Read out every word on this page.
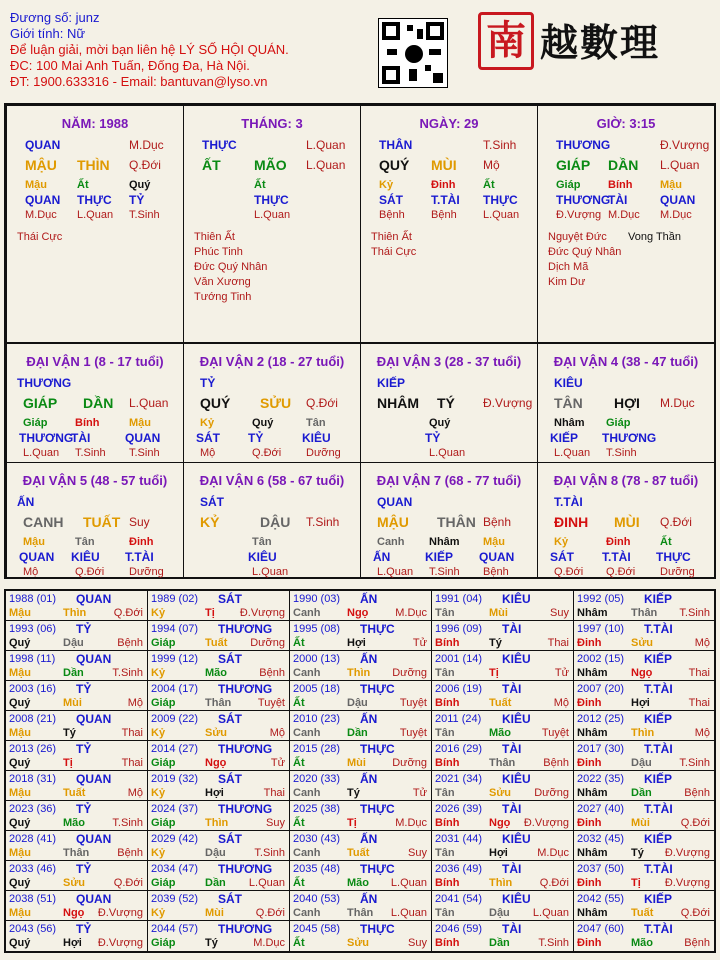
Đương số: junz
Giới tính: Nữ
Để luận giải, mời bạn liên hệ LÝ SỐ HỘI QUÁN.
ĐC: 100 Mai Anh Tuấn, Đống Đa, Hà Nội.
ĐT: 1900.633316 - Email: bantuvan@lyso.vn
南 越數理
NĂM: 1988
QUAN	M.Dục
MẬU THÌN Q.Đới
Mậu
QUAN
M.Dục
Ất
THỰC
L.Quan
Quý
TỶ
T.Sinh
Thái Cực
THÁNG: 3
THỰC	L.Quan
ẤT MÃO L.Quan
Ất
THỰC
L.Quan
Thiên Ất
Phúc Tinh
Đức Quý Nhân
Văn Xương
Tướng Tinh
NGÀY: 29
THÂN	T.Sinh
QUÝ MÙI Mộ
Kỷ
SÁT
Bệnh
Đinh
T.TÀI
Bệnh
Ất
THỰC
L.Quan
Thiên Ất
Thái Cực
GIỜ: 3:15
THƯƠNG	Đ.Vượng
GIÁP DẦN L.Quan
Giáp
THƯƠNG
Đ.Vượng
Bính
TÀI
M.Dục
Mậu
QUAN
M.Dục
Nguyệt Đức
Đức Quý Nhân
Dịch Mã
Kim Dư
Vong Thần
ĐẠI VẬN 1 (8 - 17 tuổi)
THƯƠNG
GIÁP DẦN L.Quan
Giáp
THƯƠNG
L.Quan
Bính
TÀI
T.Sinh
Mậu
QUAN
T.Sinh
ĐẠI VẬN 2 (18 - 27 tuổi)
TỶ
QUÝ SỬU Q.Đới
Kỷ
SÁT
Mộ
Quý
TỶ
Q.Đới
Tân
KIÊU
Dưỡng
ĐẠI VẬN 3 (28 - 37 tuổi)
KIẾP
NHÂM TÝ Đ.Vượng
Quý
TỶ
L.Quan
ĐẠI VẬN 4 (38 - 47 tuổi)
KIÊU
TÂN HỢI M.Dục
Nhâm
KIẾP
L.Quan
Giáp
THƯƠNG
T.Sinh
ĐẠI VẬN 5 (48 - 57 tuổi)
ẤN
CANH TUẤT Suy
Mậu
QUAN
Mộ
Tân
KIÊU
Q.Đới
Đinh
T.TÀI
Dưỡng
ĐẠI VẬN 6 (58 - 67 tuổi)
SÁT
KỶ	DẬU T.Sinh
Tân
KIÊU
L.Quan
ĐẠI VẬN 7 (68 - 77 tuổi)
QUAN
MẬU THÂN Bệnh
Canh
ẤN
L.Quan
Nhâm
KIẾP
T.Sinh
Mậu
QUAN
Bệnh
ĐẠI VẬN 8 (78 - 87 tuổi)
T.TÀI
ĐINH MÙI Q.Đới
Kỷ
SÁT
Q.Đới
Đinh
T.TÀI
Q.Đới
Ất
THỰC
Dưỡng
1988 (01) QUAN
Mậu	Thìn	Q.Đới
1989 (02) SÁT
Kỷ	Tị Đ.Vượng
1990 (03) ẤN
Canh Ngọ M.Dục
1991 (04) KIÊU
Tân	Mùi	Suy
1992 (05) KIẾP
Nhâm Thân T.Sinh
1993 (06) TỶ
Quý	Dậu	Bệnh
1994 (07) THƯƠNG
Giáp	Tuất Dưỡng
1995 (08) THỰC
Ất	Hợi	Tử
1996 (09) TÀI
Bính	Tý	Thai
1997 (10) T.TÀI
Đinh	Sửu	Mộ
1998 (11) QUAN
Mậu	Dần	T.Sinh
1999 (12) SÁT
Kỷ	Mão	Bệnh
2000 (13) ẤN
Canh Thìn Dưỡng
2001 (14) KIÊU
Tân	Tị	Tử
2002 (15) KIẾP
Nhâm Ngọ	Thai
2003 (16) TỶ
Quý	Mùi	Mộ
2004 (17) THƯƠNG
Giáp	Thân Tuyệt
2005 (18) THỰC
Ất	Dậu	Tuyệt
2006 (19) TÀI
Bính	Tuất	Mộ
2007 (20) T.TÀI
Đinh	Hợi	Thai
2008 (21) QUAN
Mậu	Tý	Thai
2009 (22) SÁT
Kỷ	Sửu	Mộ
2010 (23) ẤN
Canh Dần	Tuyệt
2011 (24) KIÊU
Tân	Mão	Tuyệt
2012 (25) KIẾP
Nhâm Thìn	Mộ
2013 (26) TỶ
Quý	Tị	Thai
2014 (27) THƯƠNG
Giáp	Ngọ	Tử
2015 (28) THỰC
Ất	Mùi Dưỡng
2016 (29) TÀI
Bính	Thân	Bệnh
2017 (30) T.TÀI
Đinh	Dậu	T.Sinh
2018 (31) QUAN
Mậu	Tuất	Mộ
2019 (32) SÁT
Kỷ	Hợi	Thai
2020 (33) ẤN
Canh Tý	Tử
2021 (34) KIÊU
Tân	Sửu Dưỡng
2022 (35) KIẾP
Nhâm Dần	Bệnh
2023 (36) TỶ
Quý	Mão T.Sinh
2024 (37) THƯƠNG
Giáp	Thìn	Suy
2025 (38) THỰC
Ất	Tị	M.Dục
2026 (39) TÀI
Bính	Ngọ Đ.Vượng
2027 (40) T.TÀI
Đinh	Mùi	Q.Đới
2028 (41) QUAN
Mậu	Thân	Bệnh
2029 (42) SÁT
Kỷ	Dậu	T.Sinh
2030 (43) ẤN
Canh Tuất	Suy
2031 (44) KIÊU
Tân	Hợi	M.Dục
2032 (45) KIẾP
Nhâm Tý Đ.Vượng
2033 (46) TỶ
Quý	Sửu	Q.Đới
2034 (47) THƯƠNG
Giáp	Dần L.Quan
2035 (48) THỰC
Ất	Mão L.Quan
2036 (49) TÀI
Bính	Thìn	Q.Đới
2037 (50) T.TÀI
Đinh	Tị Đ.Vượng
2038 (51) QUAN
Mậu	Ngọ Đ.Vượng
2039 (52) SÁT
Kỷ	Mùi	Q.Đới
2040 (53) ẤN
Canh Thân L.Quan
2041 (54) KIÊU
Tân	Dậu L.Quan
2042 (55) KIẾP
Nhâm Tuất Q.Đới
2043 (56) TỶ
Quý	Hợi Đ.Vượng
2044 (57) THƯƠNG
Giáp	Tý	M.Dục
2045 (58) THỰC
Ất	Sửu	Suy
2046 (59) TÀI
Bính	Dần	T.Sinh
2047 (60) T.TÀI
Đinh	Mão	Bệnh
